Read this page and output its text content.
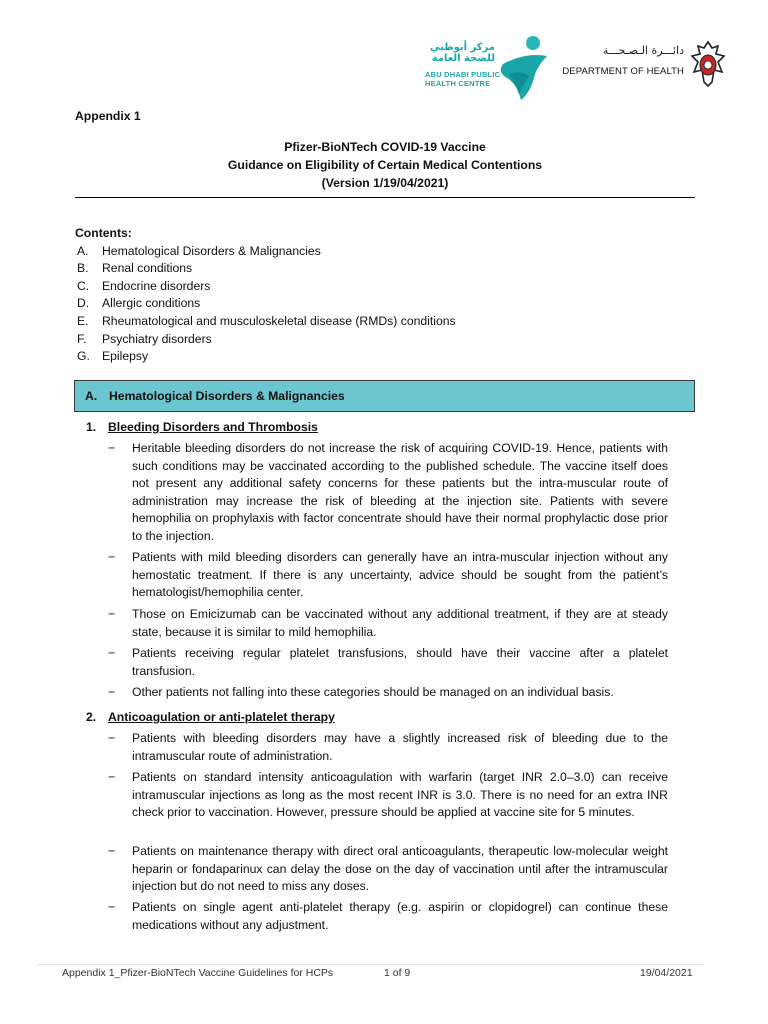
مركز أبوظبي للصحة العامة
ABU DHABI PUBLIC
HEALTH CENTRE
دائـــرة الـصـحـــة
DEPARTMENT OF HEALTH
Appendix 1
Pfizer-BioNTech COVID-19 Vaccine
Guidance on Eligibility of Certain Medical Contentions
(Version 1/19/04/2021)
Contents:
A.	Hematological Disorders & Malignancies
B.	Renal conditions
C.	Endocrine disorders
D.	Allergic conditions
E.	Rheumatological and musculoskeletal disease (RMDs) conditions
F.	Psychiatry disorders
G. Epilepsy
A. Hematological Disorders & Malignancies
1. Bleeding Disorders and Thrombosis
−	Heritable bleeding disorders do not increase the risk of acquiring COVID-19. Hence, patients with such conditions may be vaccinated according to the published schedule. The vaccine itself does not present any additional safety concerns for these patients but the intra-muscular route of administration may increase the risk of bleeding at the injection site. Patients with severe hemophilia on prophylaxis with factor concentrate should have their normal prophylactic dose prior to the injection.
−	Patients with mild bleeding disorders can generally have an intra-muscular injection without any hemostatic treatment. If there is any uncertainty, advice should be sought from the patient’s hematologist/hemophilia center.
−	Those on Emicizumab can be vaccinated without any additional treatment, if they are at steady state, because it is similar to mild hemophilia.
−	Patients receiving regular platelet transfusions, should have their vaccine after a platelet transfusion.
−	Other patients not falling into these categories should be managed on an individual basis.
2. Anticoagulation or anti-platelet therapy
−	Patients with bleeding disorders may have a slightly increased risk of bleeding due to the intramuscular route of administration.
−	Patients on standard intensity anticoagulation with warfarin (target INR 2.0–3.0) can receive intramuscular injections as long as the most recent INR is 3.0. There is no need for an extra INR check prior to vaccination. However, pressure should be applied at vaccine site for 5 minutes.
−	Patients on maintenance therapy with direct oral anticoagulants, therapeutic low-molecular weight heparin or fondaparinux can delay the dose on the day of vaccination until after the intramuscular injection but do not need to miss any doses.
−	Patients on single agent anti-platelet therapy (e.g. aspirin or clopidogrel) can continue these medications without any adjustment.
Appendix 1_Pfizer-BioNTech Vaccine Guidelines for HCPs	1 of 9	19/04/2021
